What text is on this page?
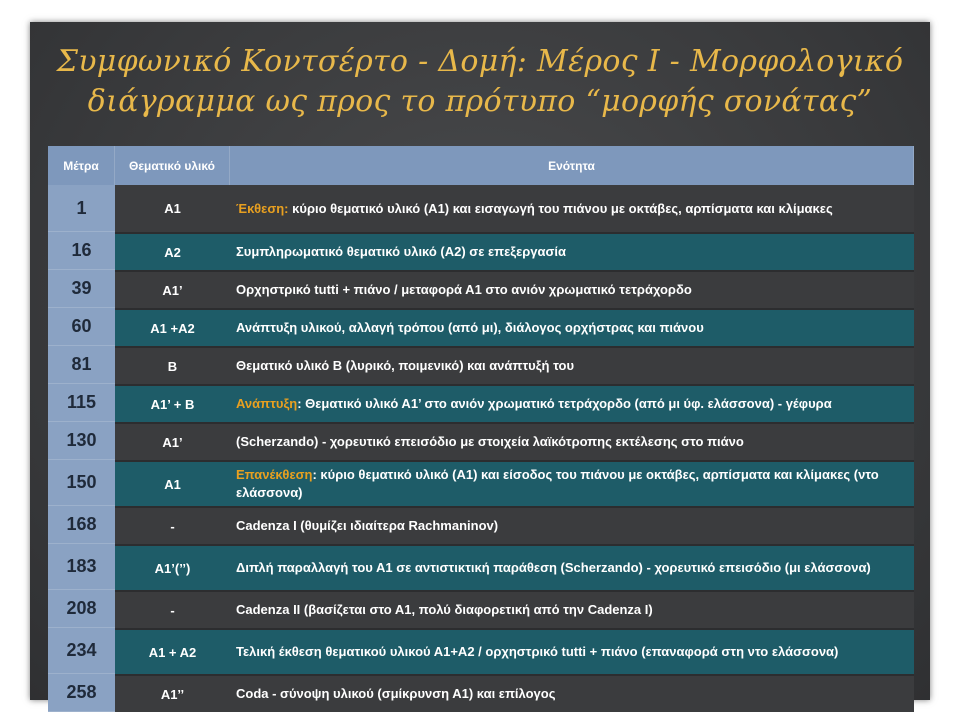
Συμφωνικό Κοντσέρτο - Δομή: Μέρος Ι - Μορφολογικό
διάγραμμα ως προς το πρότυπο “μορφής σονάτας”
Μέτρα	Θεματικό υλικό	Ενότητα
1	A1	Έκθεση: κύριο θεματικό υλικό (Α1) και εισαγωγή του πιάνου με οκτάβες, αρπίσματα και κλίμακες
16	A2	Συμπληρωματικό θεματικό υλικό (Α2) σε επεξεργασία
39	A1’	Ορχηστρικό tutti + πιάνο / μεταφορά Α1 στο ανιόν χρωματικό τετράχορδο
60	A1 +A2	Ανάπτυξη υλικού, αλλαγή τρόπου (από μι), διάλογος ορχήστρας και πιάνου
81	B	Θεματικό υλικό Β (λυρικό, ποιμενικό) και ανάπτυξή του
115	A1’ + B	Ανάπτυξη: Θεματικό υλικό Α1’ στο ανιόν χρωματικό τετράχορδο (από μι ύφ. ελάσσονα) - γέφυρα
130	A1’	(Scherzando) - χορευτικό επεισόδιο με στοιχεία λαϊκότροπης εκτέλεσης στο πιάνο
150	A1	Επανέκθεση: κύριο θεματικό υλικό (Α1) και είσοδος του πιάνου με οκτάβες, αρπίσματα και κλίμακες (ντο ελάσσονα)
168	-	Cadenza I (θυμίζει ιδιαίτερα Rachmaninov)
183	A1’(’’)	Διπλή παραλλαγή του Α1 σε αντιστικτική παράθεση (Scherzando) - χορευτικό επεισόδιο (μι ελάσσονα)
208	-	Cadenza II (βασίζεται στο Α1, πολύ διαφορετική από την Cadenza I)
234	A1 + A2	Τελική έκθεση θεματικού υλικού Α1+Α2 / ορχηστρικό tutti + πιάνο (επαναφορά στη ντο ελάσσονα)
258	A1’’	Coda - σύνοψη υλικού (σμίκρυνση Α1) και επίλογος
